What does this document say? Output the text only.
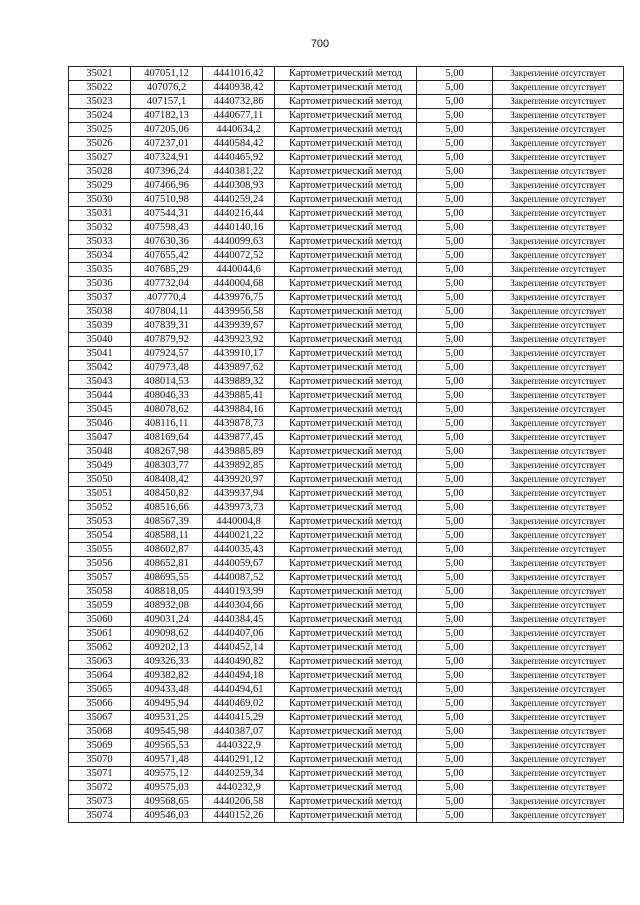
700
35021	407051,12	4441016,42	Картометрический метод	5,00	Закрепление отсутствует
35022	407076,2	4440938,42	Картометрический метод	5,00	Закрепление отсутствует
35023	407157,1	4440732,86	Картометрический метод	5,00	Закрепление отсутствует
35024	407182,13	4440677,11	Картометрический метод	5,00	Закрепление отсутствует
35025	407205,06	4440634,2	Картометрический метод	5,00	Закрепление отсутствует
35026	407237,01	4440584,42	Картометрический метод	5,00	Закрепление отсутствует
35027	407324,91	4440465,92	Картометрический метод	5,00	Закрепление отсутствует
35028	407396,24	4440381,22	Картометрический метод	5,00	Закрепление отсутствует
35029	407466,96	4440308,93	Картометрический метод	5,00	Закрепление отсутствует
35030	407510,98	4440259,24	Картометрический метод	5,00	Закрепление отсутствует
35031	407544,31	4440216,44	Картометрический метод	5,00	Закрепление отсутствует
35032	407598,43	4440140,16	Картометрический метод	5,00	Закрепление отсутствует
35033	407630,36	4440099,63	Картометрический метод	5,00	Закрепление отсутствует
35034	407655,42	4440072,52	Картометрический метод	5,00	Закрепление отсутствует
35035	407685,29	4440044,6	Картометрический метод	5,00	Закрепление отсутствует
35036	407732,04	4440004,68	Картометрический метод	5,00	Закрепление отсутствует
35037	407770,4	4439976,75	Картометрический метод	5,00	Закрепление отсутствует
35038	407804,11	4439956,58	Картометрический метод	5,00	Закрепление отсутствует
35039	407839,31	4439939,67	Картометрический метод	5,00	Закрепление отсутствует
35040	407879,92	4439923,92	Картометрический метод	5,00	Закрепление отсутствует
35041	407924,57	4439910,17	Картометрический метод	5,00	Закрепление отсутствует
35042	407973,48	4439897,62	Картометрический метод	5,00	Закрепление отсутствует
35043	408014,53	4439889,32	Картометрический метод	5,00	Закрепление отсутствует
35044	408046,33	4439885,41	Картометрический метод	5,00	Закрепление отсутствует
35045	408078,62	4439884,16	Картометрический метод	5,00	Закрепление отсутствует
35046	408116,11	4439878,73	Картометрический метод	5,00	Закрепление отсутствует
35047	408169,64	4439877,45	Картометрический метод	5,00	Закрепление отсутствует
35048	408267,98	4439885,89	Картометрический метод	5,00	Закрепление отсутствует
35049	408303,77	4439892,85	Картометрический метод	5,00	Закрепление отсутствует
35050	408408,42	4439920,97	Картометрический метод	5,00	Закрепление отсутствует
35051	408450,82	4439937,94	Картометрический метод	5,00	Закрепление отсутствует
35052	408516,66	4439973,73	Картометрический метод	5,00	Закрепление отсутствует
35053	408567,39	4440004,8	Картометрический метод	5,00	Закрепление отсутствует
35054	408588,11	4440021,22	Картометрический метод	5,00	Закрепление отсутствует
35055	408602,87	4440035,43	Картометрический метод	5,00	Закрепление отсутствует
35056	408652,81	4440059,67	Картометрический метод	5,00	Закрепление отсутствует
35057	408695,55	4440087,52	Картометрический метод	5,00	Закрепление отсутствует
35058	408818,05	4440193,99	Картометрический метод	5,00	Закрепление отсутствует
35059	408932,08	4440304,66	Картометрический метод	5,00	Закрепление отсутствует
35060	409031,24	4440384,45	Картометрический метод	5,00	Закрепление отсутствует
35061	409098,62	4440407,06	Картометрический метод	5,00	Закрепление отсутствует
35062	409202,13	4440452,14	Картометрический метод	5,00	Закрепление отсутствует
35063	409326,33	4440490,82	Картометрический метод	5,00	Закрепление отсутствует
35064	409382,82	4440494,18	Картометрический метод	5,00	Закрепление отсутствует
35065	409433,48	4440494,61	Картометрический метод	5,00	Закрепление отсутствует
35066	409495,94	4440469,02	Картометрический метод	5,00	Закрепление отсутствует
35067	409531,25	4440415,29	Картометрический метод	5,00	Закрепление отсутствует
35068	409545,98	4440387,07	Картометрический метод	5,00	Закрепление отсутствует
35069	409565,53	4440322,9	Картометрический метод	5,00	Закрепление отсутствует
35070	409571,48	4440291,12	Картометрический метод	5,00	Закрепление отсутствует
35071	409575,12	4440259,34	Картометрический метод	5,00	Закрепление отсутствует
35072	409575,03	4440232,9	Картометрический метод	5,00	Закрепление отсутствует
35073	409568,65	4440206,58	Картометрический метод	5,00	Закрепление отсутствует
35074	409546,03	4440152,26	Картометрический метод	5,00	Закрепление отсутствует
